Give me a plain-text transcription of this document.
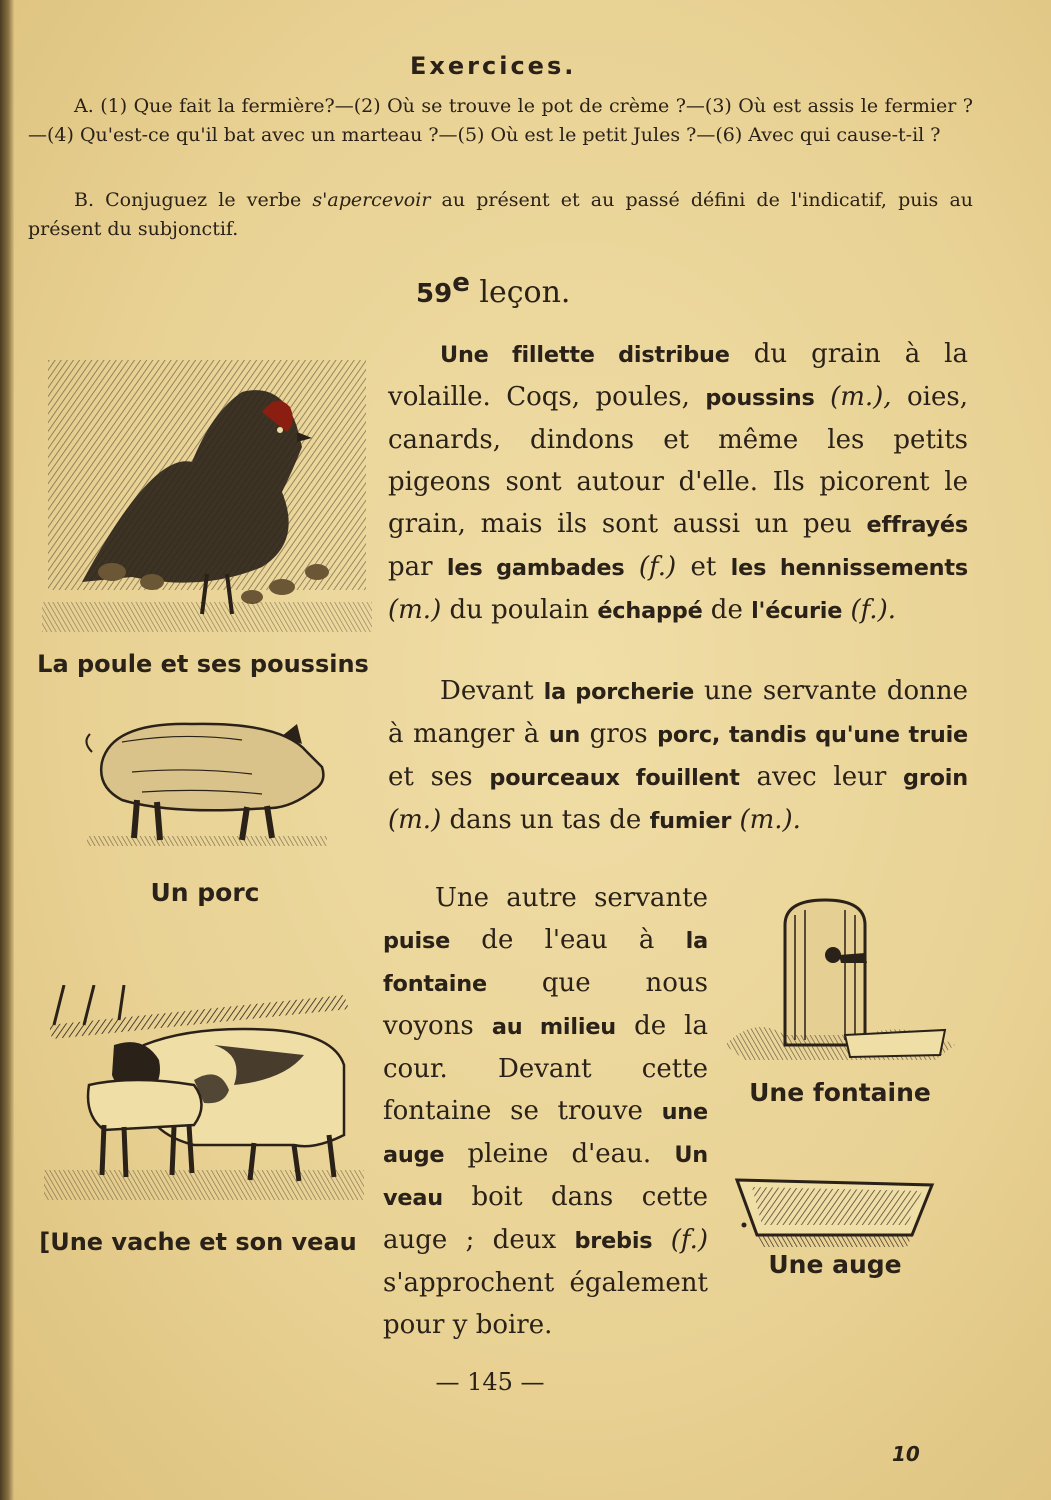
Exercices.

A. (1) Que fait la fermière?—(2) Où se trouve le pot de crème ?—(3) Où est assis le fermier ?—(4) Qu'est-ce qu'il bat avec un marteau ?—(5) Où est le petit Jules ?—(6) Avec qui cause-t-il ?

B. Conjuguez le verbe s'apercevoir au présent et au passé défini de l'indicatif, puis au présent du subjonctif.

59e leçon.

Une fillette distribue du grain à la volaille. Coqs, poules, poussins (m.), oies, canards, dindons et même les petits pigeons sont autour d'elle. Ils picorent le grain, mais ils sont aussi un peu effrayés par les gambades (f.) et les hennissements (m.) du poulain échappé de l'écurie (f.).

Devant la porcherie une servante donne à manger à un gros porc, tandis qu'une truie et ses pourceaux fouillent avec leur groin (m.) dans un tas de fumier (m.).

Une autre servante puise de l'eau à la fontaine que nous voyons au milieu de la cour. Devant cette fontaine se trouve une auge pleine d'eau. Un veau boit dans cette auge ; deux brebis (f.) s'approchent également pour y boire.

La poule et ses poussins
Un porc
[Une vache et son veau
Une fontaine
Une auge
— 145 —
10
